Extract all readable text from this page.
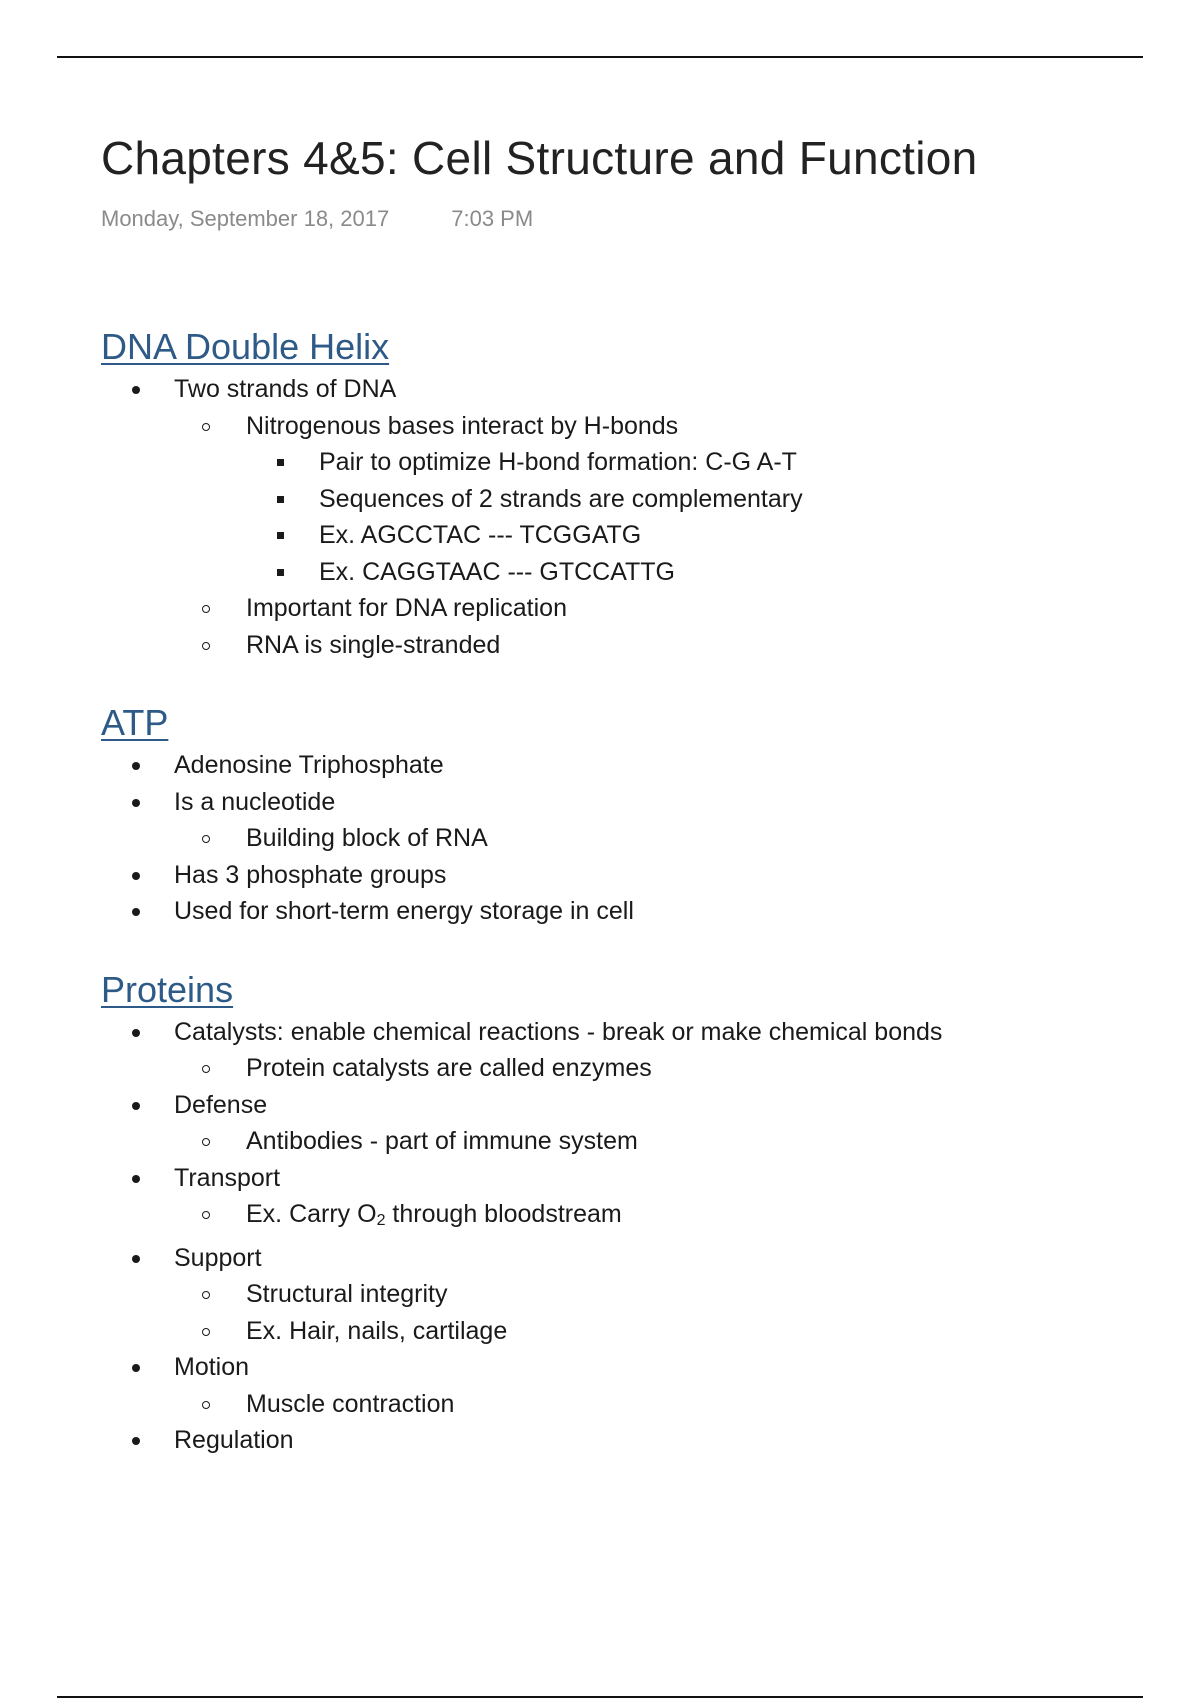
Chapters 4&5: Cell Structure and Function
Monday, September 18, 2017	7:03 PM
DNA Double Helix
Two strands of DNA
Nitrogenous bases interact by H-bonds
Pair to optimize H-bond formation: C-G A-T
Sequences of 2 strands are complementary
Ex. AGCCTAC --- TCGGATG
Ex. CAGGTAAC --- GTCCATTG
Important for DNA replication
RNA is single-stranded
ATP
Adenosine Triphosphate
Is a nucleotide
Building block of RNA
Has 3 phosphate groups
Used for short-term energy storage in cell
Proteins
Catalysts: enable chemical reactions - break or make chemical bonds
Protein catalysts are called enzymes
Defense
Antibodies - part of immune system
Transport
Ex. Carry $O_2$ through bloodstream
Support
Structural integrity
Ex. Hair, nails, cartilage
Motion
Muscle contraction
Regulation
